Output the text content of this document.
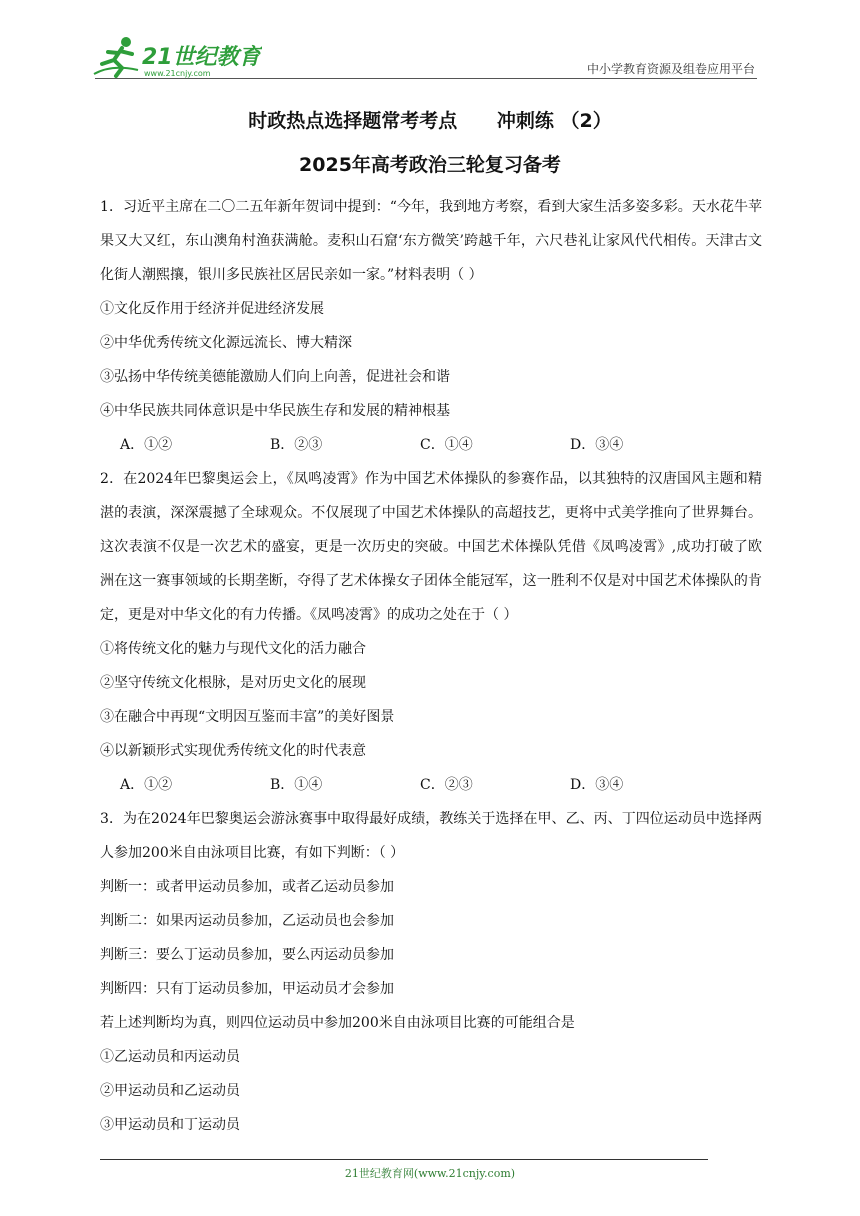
21世纪教育
www.21cnjy.com	中小学教育资源及组卷应用平台
时政热点选择题常考考点      冲刺练 （2）
2025年高考政治三轮复习备考

1．习近平主席在二〇二五年新年贺词中提到：“今年，我到地方考察，看到大家生活多姿多彩。天水花牛苹果又大又红，东山澳角村渔获满舱。麦积山石窟‘东方微笑’跨越千年，六尺巷礼让家风代代相传。天津古文化街人潮熙攘，银川多民族社区居民亲如一家。”材料表明（ ）

①文化反作用于经济并促进经济发展

②中华优秀传统文化源远流长、博大精深

③弘扬中华传统美德能激励人们向上向善，促进社会和谐

④中华民族共同体意识是中华民族生存和发展的精神根基

A．①②	B．②③	C．①④	D．③④

2．在2024年巴黎奥运会上，《凤鸣凌霄》作为中国艺术体操队的参赛作品，以其独特的汉唐国风主题和精湛的表演，深深震撼了全球观众。不仅展现了中国艺术体操队的高超技艺，更将中式美学推向了世界舞台。这次表演不仅是一次艺术的盛宴，更是一次历史的突破。中国艺术体操队凭借《凤鸣凌霄》,成功打破了欧洲在这一赛事领域的长期垄断，夺得了艺术体操女子团体全能冠军，这一胜利不仅是对中国艺术体操队的肯定，更是对中华文化的有力传播。《凤鸣凌霄》的成功之处在于（ ）

①将传统文化的魅力与现代文化的活力融合

②坚守传统文化根脉，是对历史文化的展现

③在融合中再现“文明因互鉴而丰富”的美好图景

④以新颖形式实现优秀传统文化的时代表意

A．①②	B．①④	C．②③	D．③④

3．为在2024年巴黎奥运会游泳赛事中取得最好成绩，教练关于选择在甲、乙、丙、丁四位运动员中选择两人参加200米自由泳项目比赛，有如下判断：（ ）

判断一：或者甲运动员参加，或者乙运动员参加

判断二：如果丙运动员参加，乙运动员也会参加

判断三：要么丁运动员参加，要么丙运动员参加

判断四：只有丁运动员参加，甲运动员才会参加

若上述判断均为真，则四位运动员中参加200米自由泳项目比赛的可能组合是

①乙运动员和丙运动员

②甲运动员和乙运动员

③甲运动员和丁运动员

21世纪教育网(www.21cnjy.com)
